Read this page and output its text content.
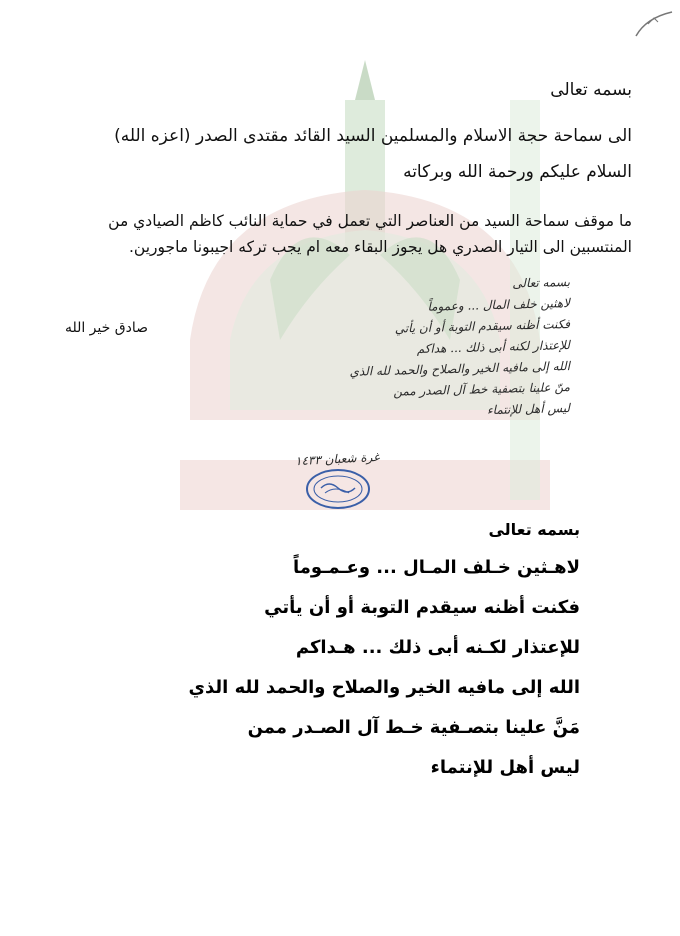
بسمه تعالى
الى سماحة حجة الاسلام والمسلمين السيد القائد مقتدى الصدر (اعزه الله)
السلام عليكم ورحمة الله وبركاته
ما موقف سماحة السيد من العناصر التي تعمل في حماية النائب كاظم الصيادي من
المنتسبين الى التيار الصدري هل يجوز البقاء معه ام يجب تركه اجيبونا ماجورين.
صادق خير الله
بسمه تعالى
لاهثين خلف المال ... وعموماً
فكنت أظنه سيقدم التوبة أو أن يأتي
للإعتذار لكنه أبى ذلك ... هداكم
الله إلى مافيه الخير والصلاح والحمد لله الذي
منّ علينا بتصفية خط آل الصدر ممن
ليس أهل للإنتماء
غرة شعبان ١٤٣٣
بسمه تعالى
لاهـثين خـلف المـال ... وعـمـوماً
فكنت أظنه سيقدم التوبة أو أن يأتي
للإعتذار لكـنه أبى ذلك ... هـداكم
الله إلى مافيه الخير والصلاح والحمد لله الذي
مَنَّ علينا بتصـفية خـط آل الصـدر ممن
ليس أهل للإنتماء
